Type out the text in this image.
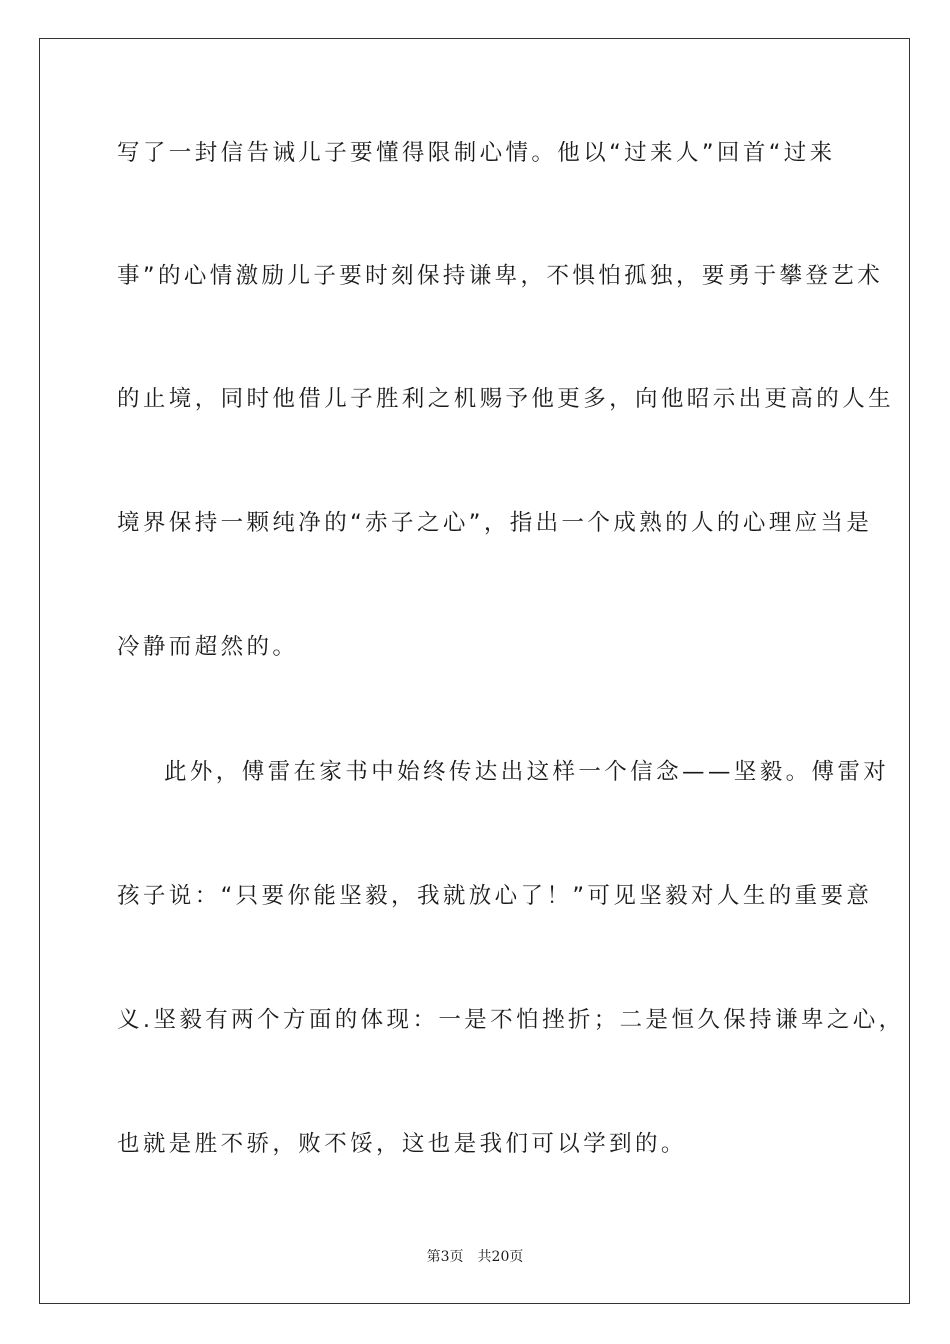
写了一封信告诫儿子要懂得限制心情。他以“过来人”回首“过来
事”的心情激励儿子要时刻保持谦卑，不惧怕孤独，要勇于攀登艺术
的止境，同时他借儿子胜利之机赐予他更多，向他昭示出更高的人生
境界保持一颗纯净的“赤子之心”，指出一个成熟的人的心理应当是
冷静而超然的。
此外，傅雷在家书中始终传达出这样一个信念——坚毅。傅雷对
孩子说：“只要你能坚毅，我就放心了！”可见坚毅对人生的重要意
义.坚毅有两个方面的体现：一是不怕挫折；二是恒久保持谦卑之心，
也就是胜不骄，败不馁，这也是我们可以学到的。
第3页 共20页
